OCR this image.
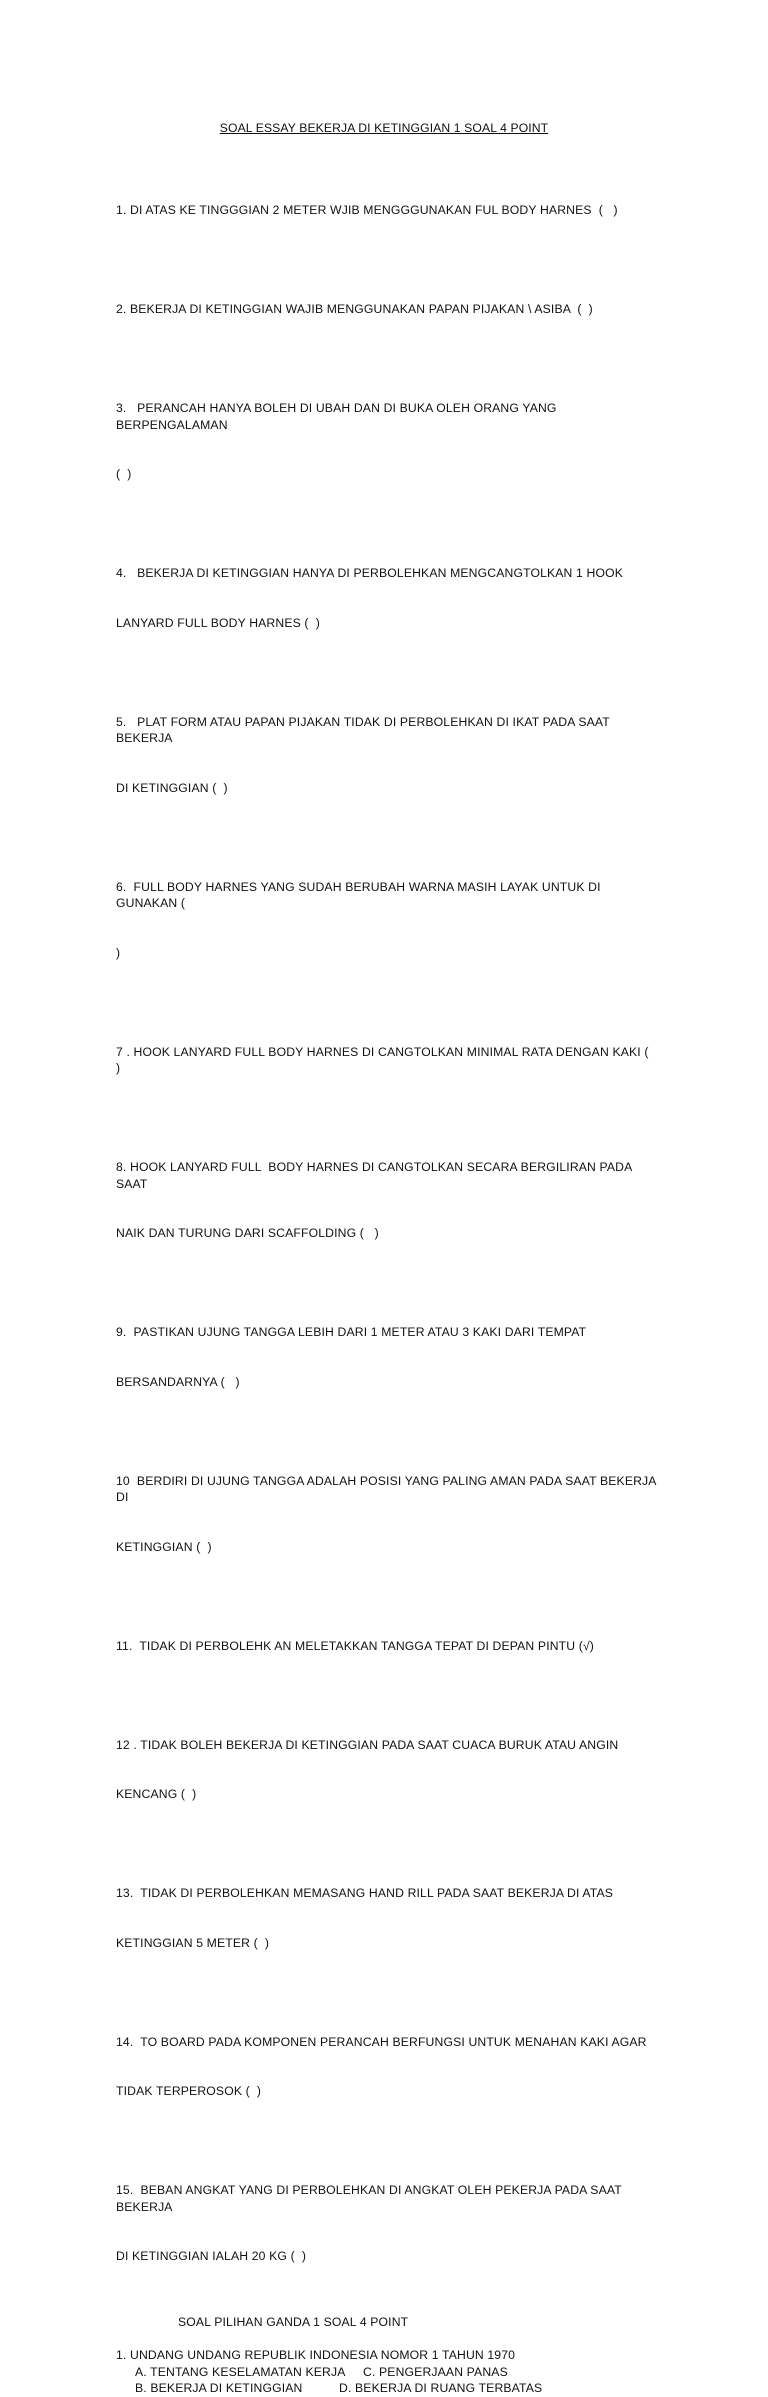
SOAL ESSAY BEKERJA DI KETINGGIAN 1 SOAL 4 POINT

1. DI ATAS KE TINGGGIAN 2 METER WJIB MENGGGUNAKAN FUL BODY HARNES  (   )

2. BEKERJA DI KETINGGIAN WAJIB MENGGUNAKAN PAPAN PIJAKAN \ ASIBA  (  )

3.   PERANCAH HANYA BOLEH DI UBAH DAN DI BUKA OLEH ORANG YANG BERPENGALAMAN

(  )

4.   BEKERJA DI KETINGGIAN HANYA DI PERBOLEHKAN MENGCANGTOLKAN 1 HOOK

LANYARD FULL BODY HARNES (  )

5.   PLAT FORM ATAU PAPAN PIJAKAN TIDAK DI PERBOLEHKAN DI IKAT PADA SAAT BEKERJA

DI KETINGGIAN (  )

6.  FULL BODY HARNES YANG SUDAH BERUBAH WARNA MASIH LAYAK UNTUK DI GUNAKAN (

)

7 . HOOK LANYARD FULL BODY HARNES DI CANGTOLKAN MINIMAL RATA DENGAN KAKI (  )

8. HOOK LANYARD FULL  BODY HARNES DI CANGTOLKAN SECARA BERGILIRAN PADA SAAT

NAIK DAN TURUNG DARI SCAFFOLDING (   )

9.  PASTIKAN UJUNG TANGGA LEBIH DARI 1 METER ATAU 3 KAKI DARI TEMPAT

BERSANDARNYA (   )

10  BERDIRI DI UJUNG TANGGA ADALAH POSISI YANG PALING AMAN PADA SAAT BEKERJA DI

KETINGGIAN (  )

11.  TIDAK DI PERBOLEHK AN MELETAKKAN TANGGA TEPAT DI DEPAN PINTU (√)

12 . TIDAK BOLEH BEKERJA DI KETINGGIAN PADA SAAT CUACA BURUK ATAU ANGIN

KENCANG (  )

13.  TIDAK DI PERBOLEHKAN MEMASANG HAND RILL PADA SAAT BEKERJA DI ATAS

KETINGGIAN 5 METER (  )

14.  TO BOARD PADA KOMPONEN PERANCAH BERFUNGSI UNTUK MENAHAN KAKI AGAR

TIDAK TERPEROSOK (  )

15.  BEBAN ANGKAT YANG DI PERBOLEHKAN DI ANGKAT OLEH PEKERJA PADA SAAT BEKERJA

DI KETINGGIAN IALAH 20 KG (  )

SOAL PILIHAN GANDA 1 SOAL 4 POINT
1. UNDANG UNDANG REPUBLIK INDONESIA NOMOR 1 TAHUN 1970
A. TENTANG KESELAMATAN KERJA	C. PENGERJAAN PANAS
B. BEKERJA DI KETINGGIAN	D. BEKERJA DI RUANG TERBATAS
